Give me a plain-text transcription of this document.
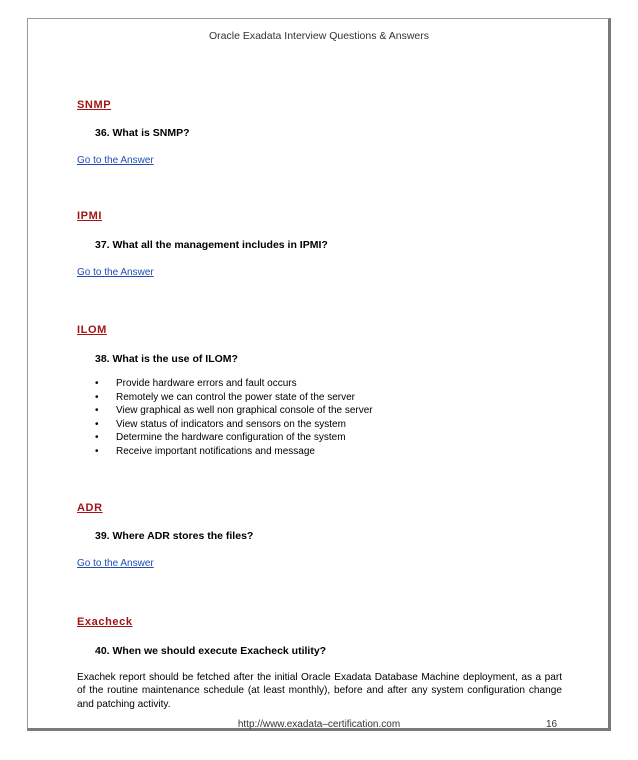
Oracle Exadata Interview Questions & Answers
SNMP
36. What is SNMP?
Go to the Answer
IPMI
37. What all the management includes in IPMI?
Go to the Answer
ILOM
38. What is the use of ILOM?
• Provide hardware errors and fault occurs
• Remotely we can control the power state of the server
• View graphical as well non graphical console of the server
• View status of indicators and sensors on the system
• Determine the hardware configuration of the system
• Receive important notifications and message
ADR
39. Where ADR stores the files?
Go to the Answer
Exacheck
40. When we should execute Exacheck utility?
Exachek report should be fetched after the initial Oracle Exadata Database Machine deployment, as a part of the routine maintenance schedule (at least monthly), before and after any system configuration change and patching activity.
http://www.exadata–certification.com	16
